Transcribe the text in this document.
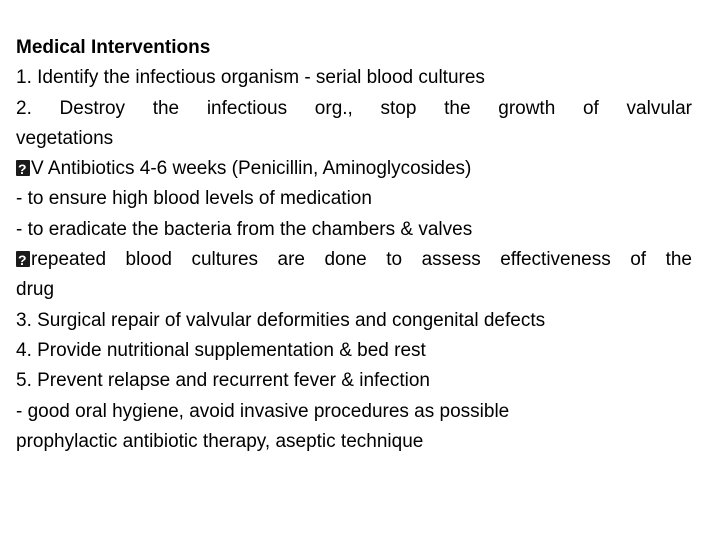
Medical Interventions
1. Identify the infectious organism - serial blood cultures
2. Destroy the infectious org., stop the growth of valvular
vegetations
?V Antibiotics 4-6 weeks (Penicillin, Aminoglycosides)
- to ensure high blood levels of medication
- to eradicate the bacteria from the chambers & valves
?repeated blood cultures are done to assess effectiveness of the
drug
3. Surgical repair of valvular deformities and congenital defects
4. Provide nutritional supplementation & bed rest
5. Prevent relapse and recurrent fever & infection
- good oral hygiene, avoid invasive procedures as possible
prophylactic antibiotic therapy, aseptic technique
